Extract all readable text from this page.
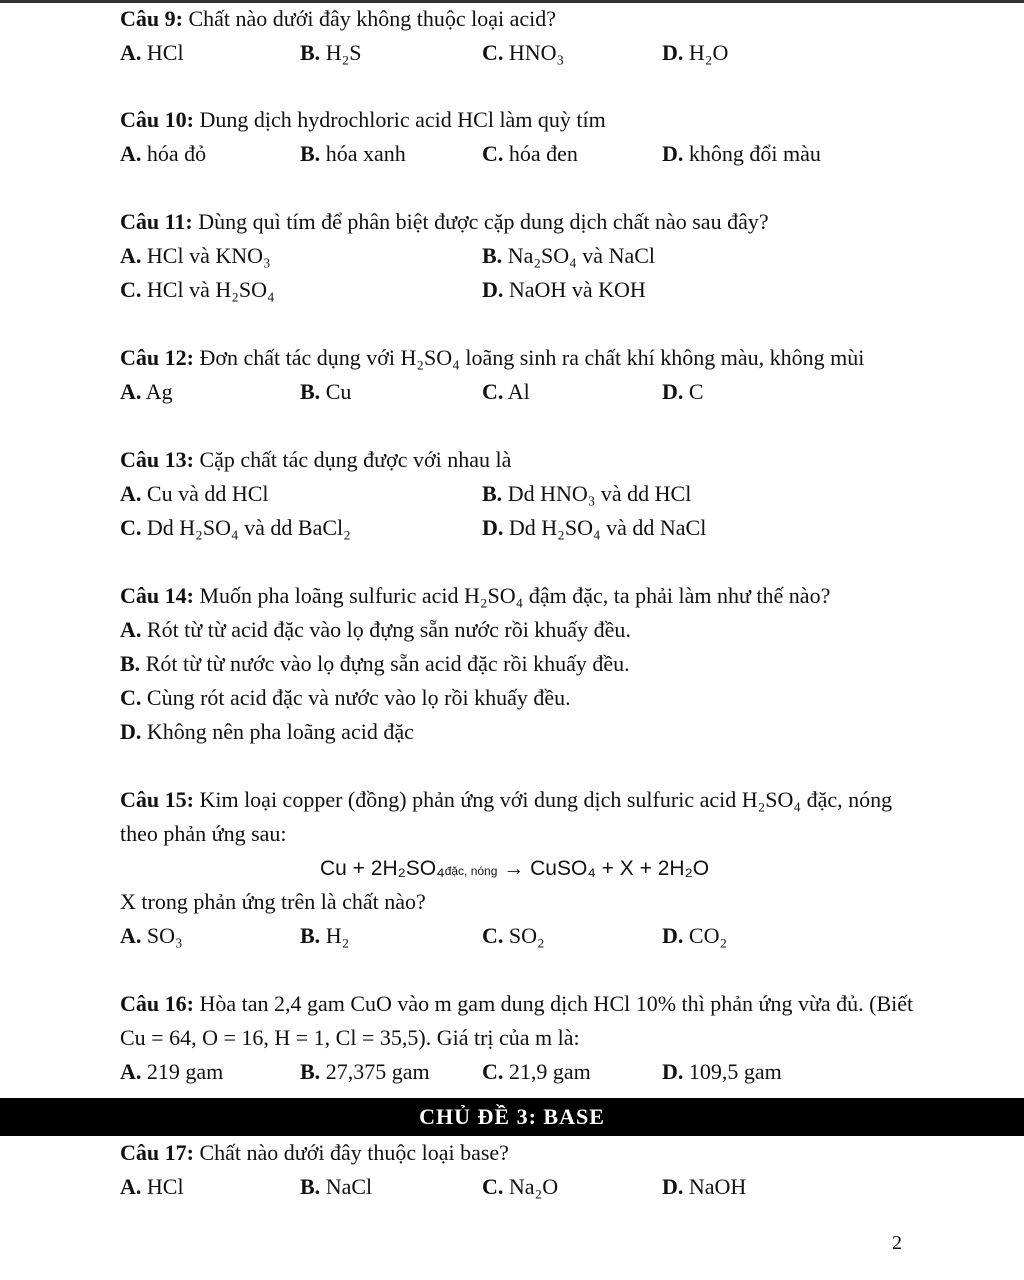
Câu 9: Chất nào dưới đây không thuộc loại acid?
A. HCl	B. H₂S	C. HNO₃	D. H₂O
Câu 10: Dung dịch hydrochloric acid HCl làm quỳ tím
A. hóa đỏ	B. hóa xanh	C. hóa đen	D. không đổi màu
Câu 11: Dùng quì tím để phân biệt được cặp dung dịch chất nào sau đây?
A. HCl và KNO₃	B. Na₂SO₄ và NaCl
C. HCl và H₂SO₄	D. NaOH và KOH
Câu 12: Đơn chất tác dụng với H₂SO₄ loãng sinh ra chất khí không màu, không mùi
A. Ag	B. Cu	C. Al	D. C
Câu 13: Cặp chất tác dụng được với nhau là
A. Cu và dd HCl	B. Dd HNO₃ và dd HCl
C. Dd H₂SO₄ và dd BaCl₂	D. Dd H₂SO₄ và dd NaCl
Câu 14: Muốn pha loãng sulfuric acid H₂SO₄ đậm đặc, ta phải làm như thế nào?
A. Rót từ từ acid đặc vào lọ đựng sẵn nước rồi khuấy đều.
B. Rót từ từ nước vào lọ đựng sẵn acid đặc rồi khuấy đều.
C. Cùng rót acid đặc và nước vào lọ rồi khuấy đều.
D. Không nên pha loãng acid đặc
Câu 15: Kim loại copper (đồng) phản ứng với dung dịch sulfuric acid H₂SO₄ đặc, nóng
theo phản ứng sau:
Cu + 2H₂SO₄đặc, nóng → CuSO₄ + X + 2H₂O
X trong phản ứng trên là chất nào?
A. SO₃	B. H₂	C. SO₂	D. CO₂
Câu 16: Hòa tan 2,4 gam CuO vào m gam dung dịch HCl 10% thì phản ứng vừa đủ. (Biết
Cu = 64, O = 16, H = 1, Cl = 35,5). Giá trị của m là:
A. 219 gam	B. 27,375 gam C. 21,9 gam	D. 109,5 gam
CHỦ ĐỀ 3: BASE
Câu 17: Chất nào dưới đây thuộc loại base?
A. HCl	B. NaCl	C. Na₂O	D. NaOH
2
